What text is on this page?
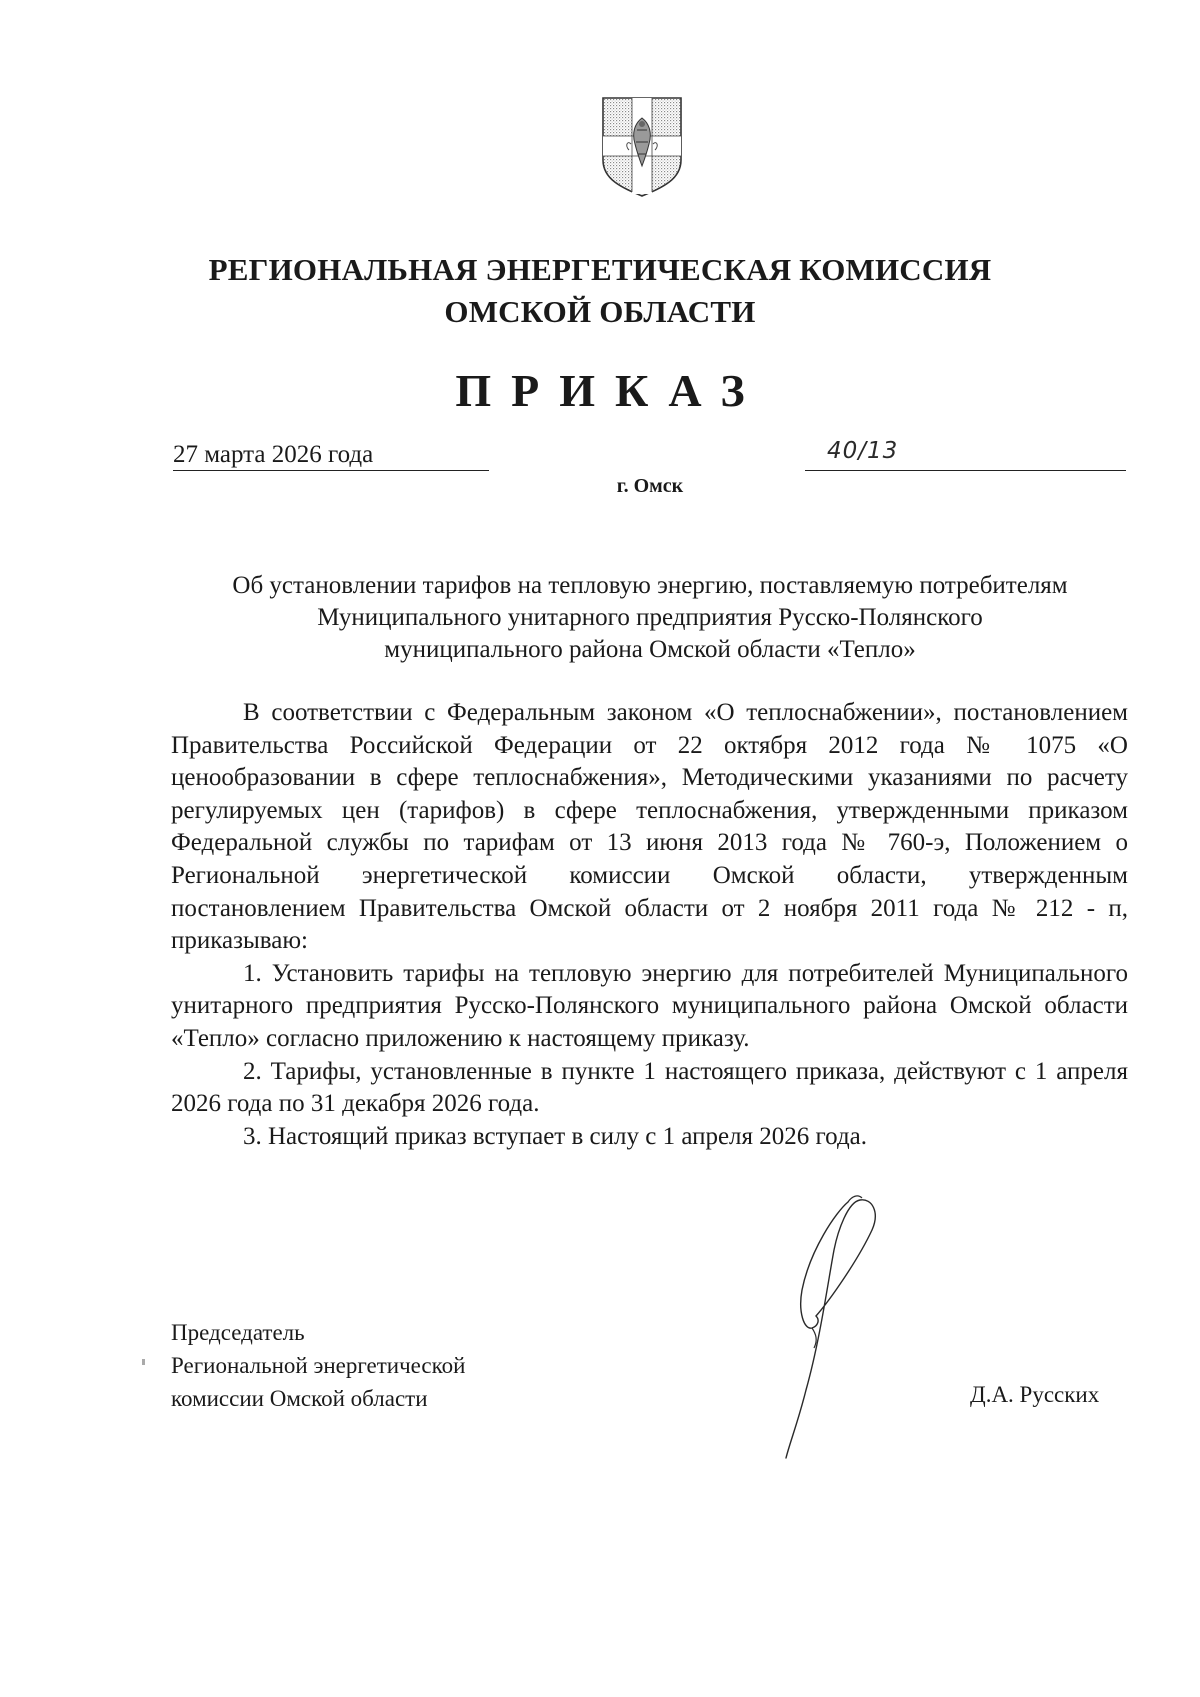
РЕГИОНАЛЬНАЯ ЭНЕРГЕТИЧЕСКАЯ КОМИССИЯ
ОМСКОЙ ОБЛАСТИ
ПРИКАЗ
27 марта 2026 года	40/13
г. Омск
Об установлении тарифов на тепловую энергию, поставляемую потребителям
Муниципального унитарного предприятия Русско-Полянского
муниципального района Омской области «Тепло»

В соответствии с Федеральным законом «О теплоснабжении», постановлением Правительства Российской Федерации от 22 октября 2012 года № 1075 «О ценообразовании в сфере теплоснабжения», Методическими указаниями по расчету регулируемых цен (тарифов) в сфере теплоснабжения, утвержденными приказом Федеральной службы по тарифам от 13 июня 2013 года № 760-э, Положением о Региональной энергетической комиссии Омской области, утвержденным постановлением Правительства Омской области от 2 ноября 2011 года № 212 - п, приказываю:

1. Установить тарифы на тепловую энергию для потребителей Муниципального унитарного предприятия Русско-Полянского муниципального района Омской области «Тепло» согласно приложению к настоящему приказу.

2. Тарифы, установленные в пункте 1 настоящего приказа, действуют с 1 апреля 2026 года по 31 декабря 2026 года.

3. Настоящий приказ вступает в силу с 1 апреля 2026 года.

Председатель
Региональной энергетической
комиссии Омской области	Д.А. Русских
